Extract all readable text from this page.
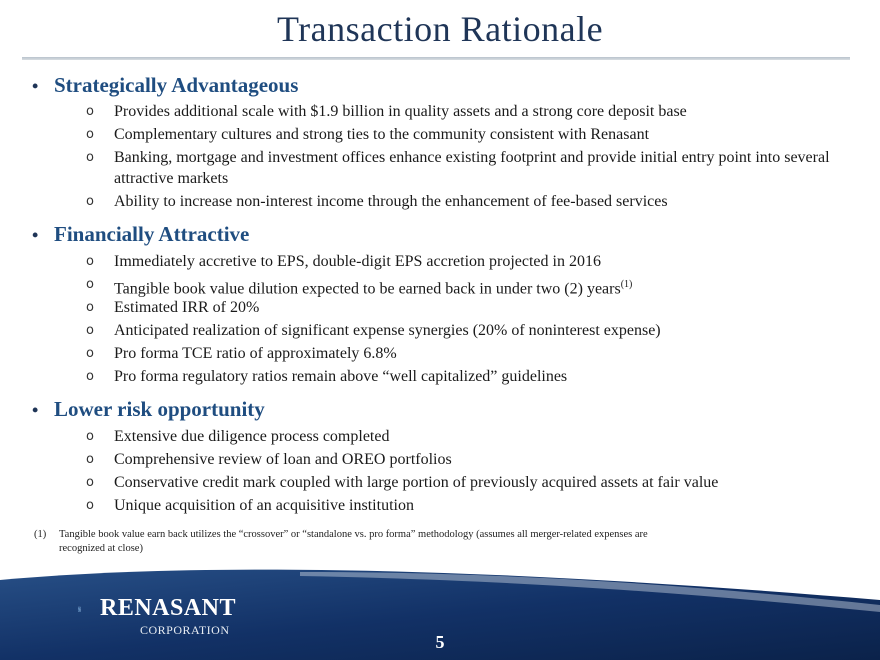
Transaction Rationale
• Strategically Advantageous
o Provides additional scale with $1.9 billion in quality assets and a strong core deposit base
o Complementary cultures and strong ties to the community consistent with Renasant
o Banking, mortgage and investment offices enhance existing footprint and provide initial entry point into several attractive markets
o Ability to increase non-interest income through the enhancement of fee-based services
• Financially Attractive
o Immediately accretive to EPS, double-digit EPS accretion projected in 2016
o Tangible book value dilution expected to be earned back in under two (2) years$^{(1)}$
o Estimated IRR of 20%
o Anticipated realization of significant expense synergies (20% of noninterest expense)
o Pro forma TCE ratio of approximately 6.8%
o Pro forma regulatory ratios remain above “well capitalized” guidelines
• Lower risk opportunity
o Extensive due diligence process completed
o Comprehensive review of loan and OREO portfolios
o Conservative credit mark coupled with large portion of previously acquired assets at fair value
o Unique acquisition of an acquisitive institution
(1) Tangible book value earn back utilizes the “crossover” or “standalone vs. pro forma” methodology (assumes all merger-related expenses are recognized at close)
RENASANT
CORPORATION
5
